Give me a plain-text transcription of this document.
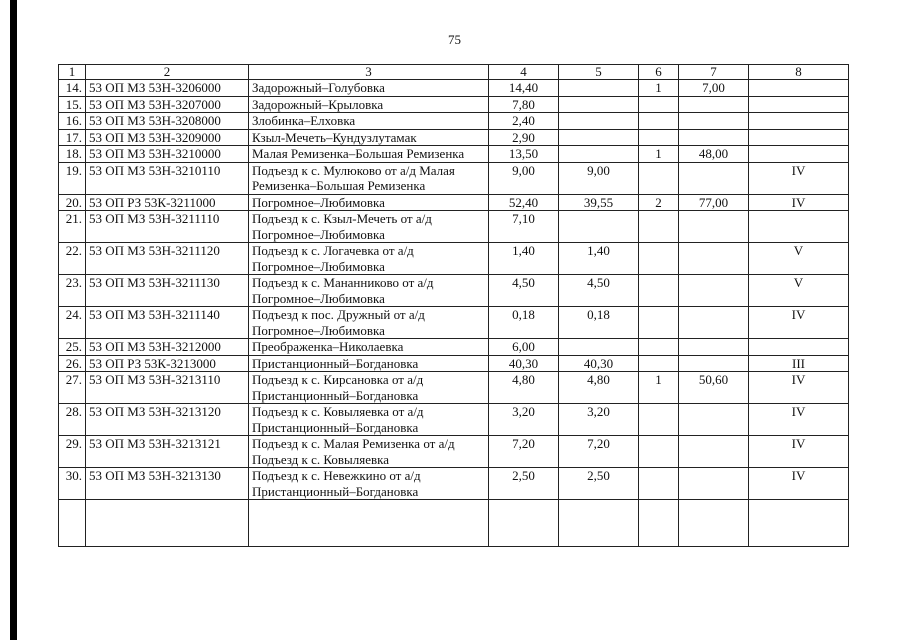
75
1	2	3	4	5	6	7	8
14.	53 ОП МЗ 53Н-3206000	Задорожный–Голубовка	14,40		1	7,00	
15.	53 ОП МЗ 53Н-3207000	Задорожный–Крыловка	7,80				
16.	53 ОП МЗ 53Н-3208000	Злобинка–Елховка	2,40				
17.	53 ОП МЗ 53Н-3209000	Кзыл-Мечеть–Кундузлутамак	2,90				
18.	53 ОП МЗ 53Н-3210000	Малая Ремизенка–Большая Ремизенка	13,50		1	48,00	
19.	53 ОП МЗ 53Н-3210110	Подъезд к с. Мулюково от а/д Малая Ремизенка–Большая Ремизенка	9,00	9,00			IV
20.	53 ОП РЗ 53К-3211000	Погромное–Любимовка	52,40	39,55	2	77,00	IV
21.	53 ОП МЗ 53Н-3211110	Подъезд к с. Кзыл-Мечеть от а/д Погромное–Любимовка	7,10				
22.	53 ОП МЗ 53Н-3211120	Подъезд к с. Логачевка от а/д Погромное–Любимовка	1,40	1,40			V
23.	53 ОП МЗ 53Н-3211130	Подъезд к с. Мананниково от а/д Погромное–Любимовка	4,50	4,50			V
24.	53 ОП МЗ 53Н-3211140	Подъезд к пос. Дружный от а/д Погромное–Любимовка	0,18	0,18			IV
25.	53 ОП МЗ 53Н-3212000	Преображенка–Николаевка	6,00				
26.	53 ОП РЗ 53К-3213000	Пристанционный–Богдановка	40,30	40,30			III
27.	53 ОП МЗ 53Н-3213110	Подъезд к с. Кирсановка от а/д Пристанционный–Богдановка	4,80	4,80	1	50,60	IV
28.	53 ОП МЗ 53Н-3213120	Подъезд к с. Ковыляевка от а/д Пристанционный–Богдановка	3,20	3,20			IV
29.	53 ОП МЗ 53Н-3213121	Подъезд к с. Малая Ремизенка от а/д Подъезд к с. Ковыляевка	7,20	7,20			IV
30.	53 ОП МЗ 53Н-3213130	Подъезд к с. Невежкино от а/д Пристанционный–Богдановка	2,50	2,50			IV
